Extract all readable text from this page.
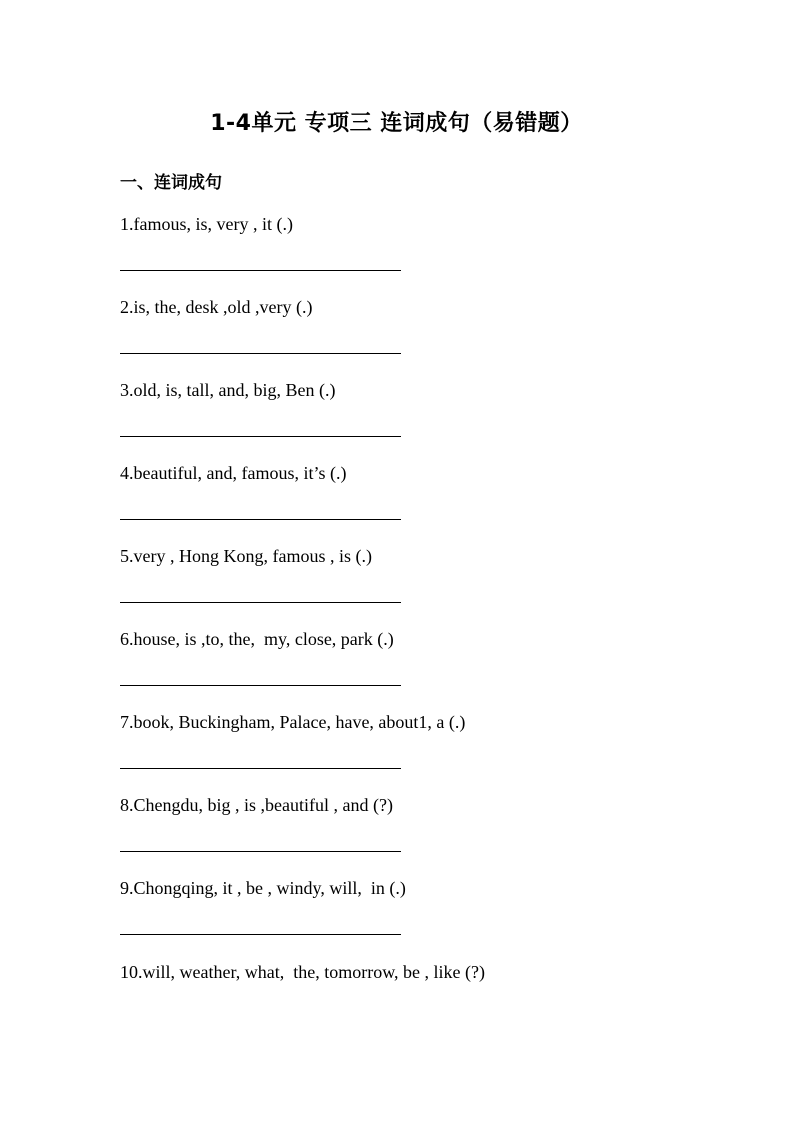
1-4单元 专项三 连词成句（易错题）
一、连词成句
1.famous, is, very , it (.)
2.is, the, desk ,old ,very (.)
3.old, is, tall, and, big, Ben (.)
4.beautiful, and, famous, it’s (.)
5.very , Hong Kong, famous , is (.)
6.house, is ,to, the,  my, close, park (.)
7.book, Buckingham, Palace, have, about1, a (.)
8.Chengdu, big , is ,beautiful , and (?)
9.Chongqing, it , be , windy, will,  in (.)
10.will, weather, what,  the, tomorrow, be , like (?)
